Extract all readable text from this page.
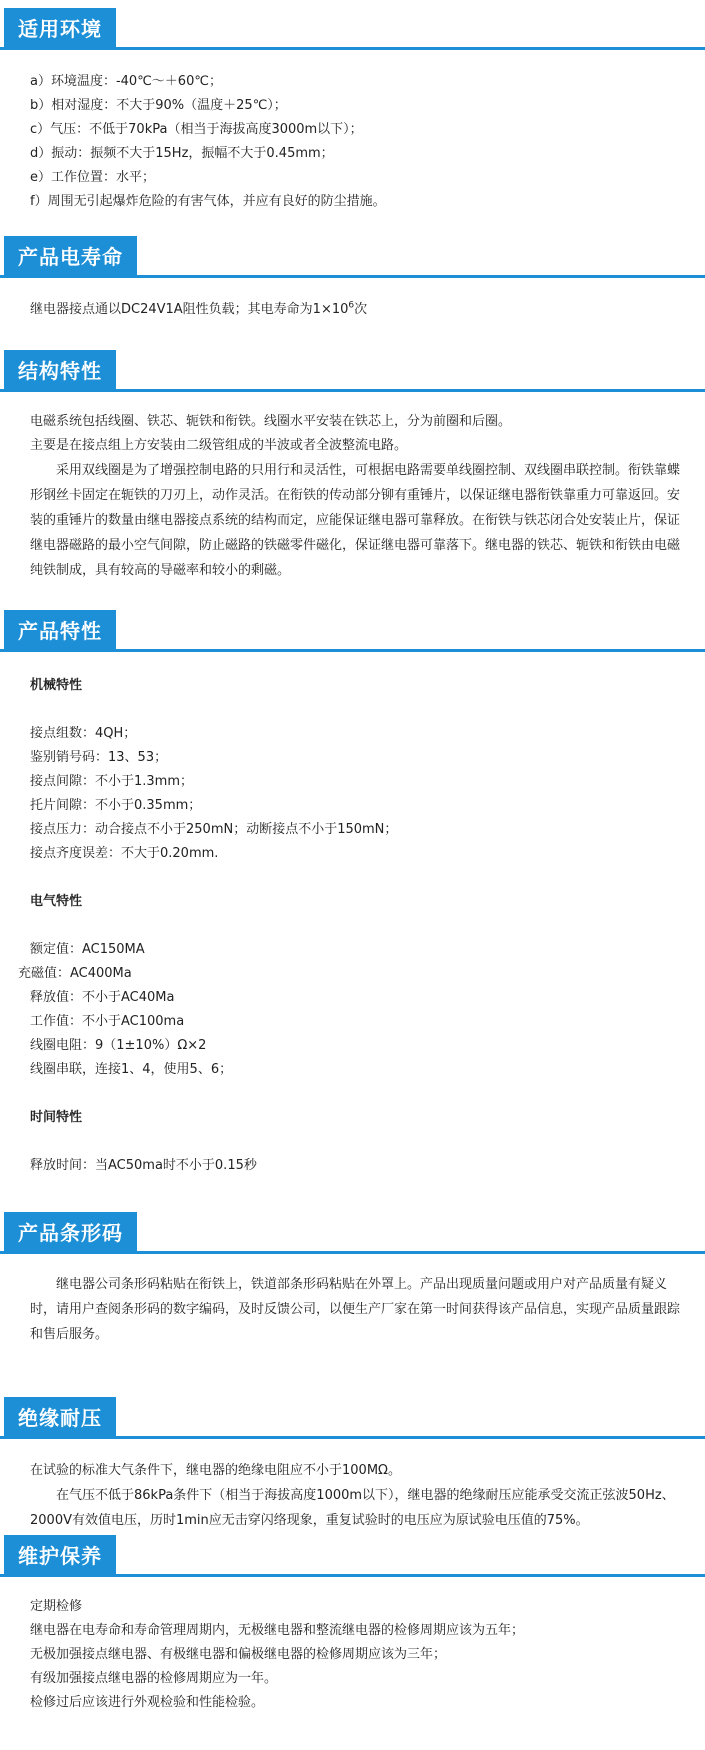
适用环境
a）环境温度：-40℃～＋60℃；
b）相对湿度：不大于90%（温度＋25℃）；
c）气压：不低于70kPa（相当于海拔高度3000m以下）；
d）振动：振频不大于15Hz，振幅不大于0.45mm；
e）工作位置：水平；
f）周围无引起爆炸危险的有害气体，并应有良好的防尘措施。
产品电寿命
继电器接点通以DC24V1A阻性负载；其电寿命为$1\times 10^6$次
结构特性
电磁系统包括线圈、铁芯、轭铁和衔铁。线圈水平安装在铁芯上，分为前圈和后圈。
主要是在接点组上方安装由二级管组成的半波或者全波整流电路。
采用双线圈是为了增强控制电路的只用行和灵活性，可根据电路需要单线圈控制、双线圈串联控制。衔铁靠蝶形钢丝卡固定在轭铁的刀刃上，动作灵活。在衔铁的传动部分铆有重锤片，以保证继电器衔铁靠重力可靠返回。安装的重锤片的数量由继电器接点系统的结构而定，应能保证继电器可靠释放。在衔铁与铁芯闭合处安装止片，保证继电器磁路的最小空气间隙，防止磁路的铁磁零件磁化，保证继电器可靠落下。继电器的铁芯、轭铁和衔铁由电磁纯铁制成，具有较高的导磁率和较小的剩磁。
产品特性
机械特性
接点组数：4QH；
鉴别销号码：13、53；
接点间隙：不小于1.3mm；
托片间隙：不小于0.35mm；
接点压力：动合接点不小于250mN；动断接点不小于150mN；
接点齐度误差：不大于0.20mm.
电气特性
额定值：AC150MA
充磁值：AC400Ma
释放值：不小于AC40Ma
工作值：不小于AC100ma
线圈电阻：9（1±10%）Ω×2
线圈串联，连接1、4，使用5、6；
时间特性
释放时间：当AC50ma时不小于0.15秒
产品条形码
继电器公司条形码粘贴在衔铁上，铁道部条形码粘贴在外罩上。产品出现质量问题或用户对产品质量有疑义时，请用户查阅条形码的数字编码，及时反馈公司，以便生产厂家在第一时间获得该产品信息，实现产品质量跟踪和售后服务。
绝缘耐压
在试验的标准大气条件下，继电器的绝缘电阻应不小于100MΩ。
在气压不低于86kPa条件下（相当于海拔高度1000m以下），继电器的绝缘耐压应能承受交流正弦波50Hz、2000V有效值电压，历时1min应无击穿闪络现象，重复试验时的电压应为原试验电压值的75%。
维护保养
定期检修
继电器在电寿命和寿命管理周期内，无极继电器和整流继电器的检修周期应该为五年；
无极加强接点继电器、有极继电器和偏极继电器的检修周期应该为三年；
有级加强接点继电器的检修周期应为一年。
检修过后应该进行外观检验和性能检验。
